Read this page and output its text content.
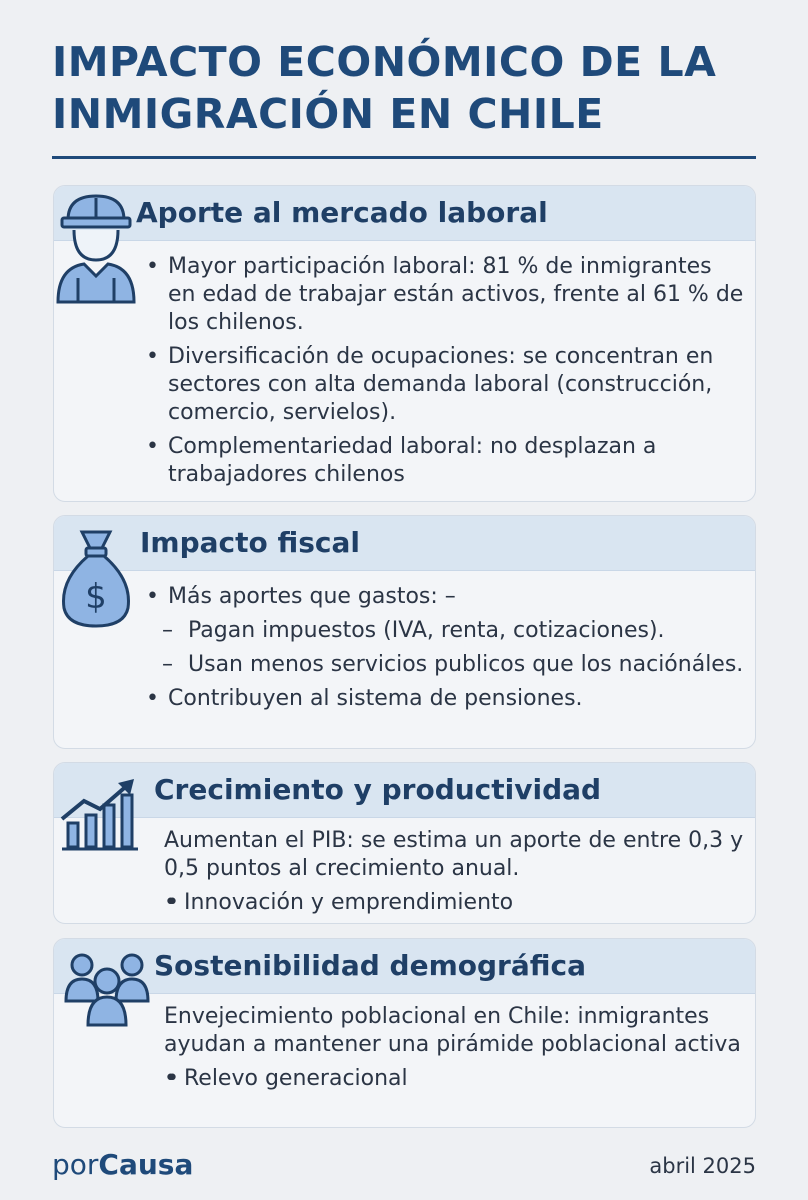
IMPACTO ECONÓMICO DE LA INMIGRACIÓN EN CHILE
Aporte al mercado laboral
• Mayor participación laboral: 81 % de inmigrantes en edad de trabajar están activos, frente al 61 % de los chilenos.
• Diversificación de ocupaciones: se concentran en sectores con alta demanda laboral (construcción, comercio, servielos).
• Complementariedad laboral: no desplazan a trabajadores chilenos
Impacto fiscal
$
•	Más aportes que gastos: –
– Pagan impuestos (IVA, renta, cotizaciones).
– Usan menos servicios publicos que los naciónáles.
• Contribuyen al sistema de pensiones.
Crecimiento y productividad
Aumentan el PIB: se estima un aporte de entre 0,3 y 0,5 puntos al crecimiento anual.
• • Innovación y emprendimiento
Sostenibilidad demográfica
Envejecimiento poblacional en Chile: inmigrantes ayudan a mantener una pirámide poblacional activa
• • Relevo generacional
porCausa	abril 2025
